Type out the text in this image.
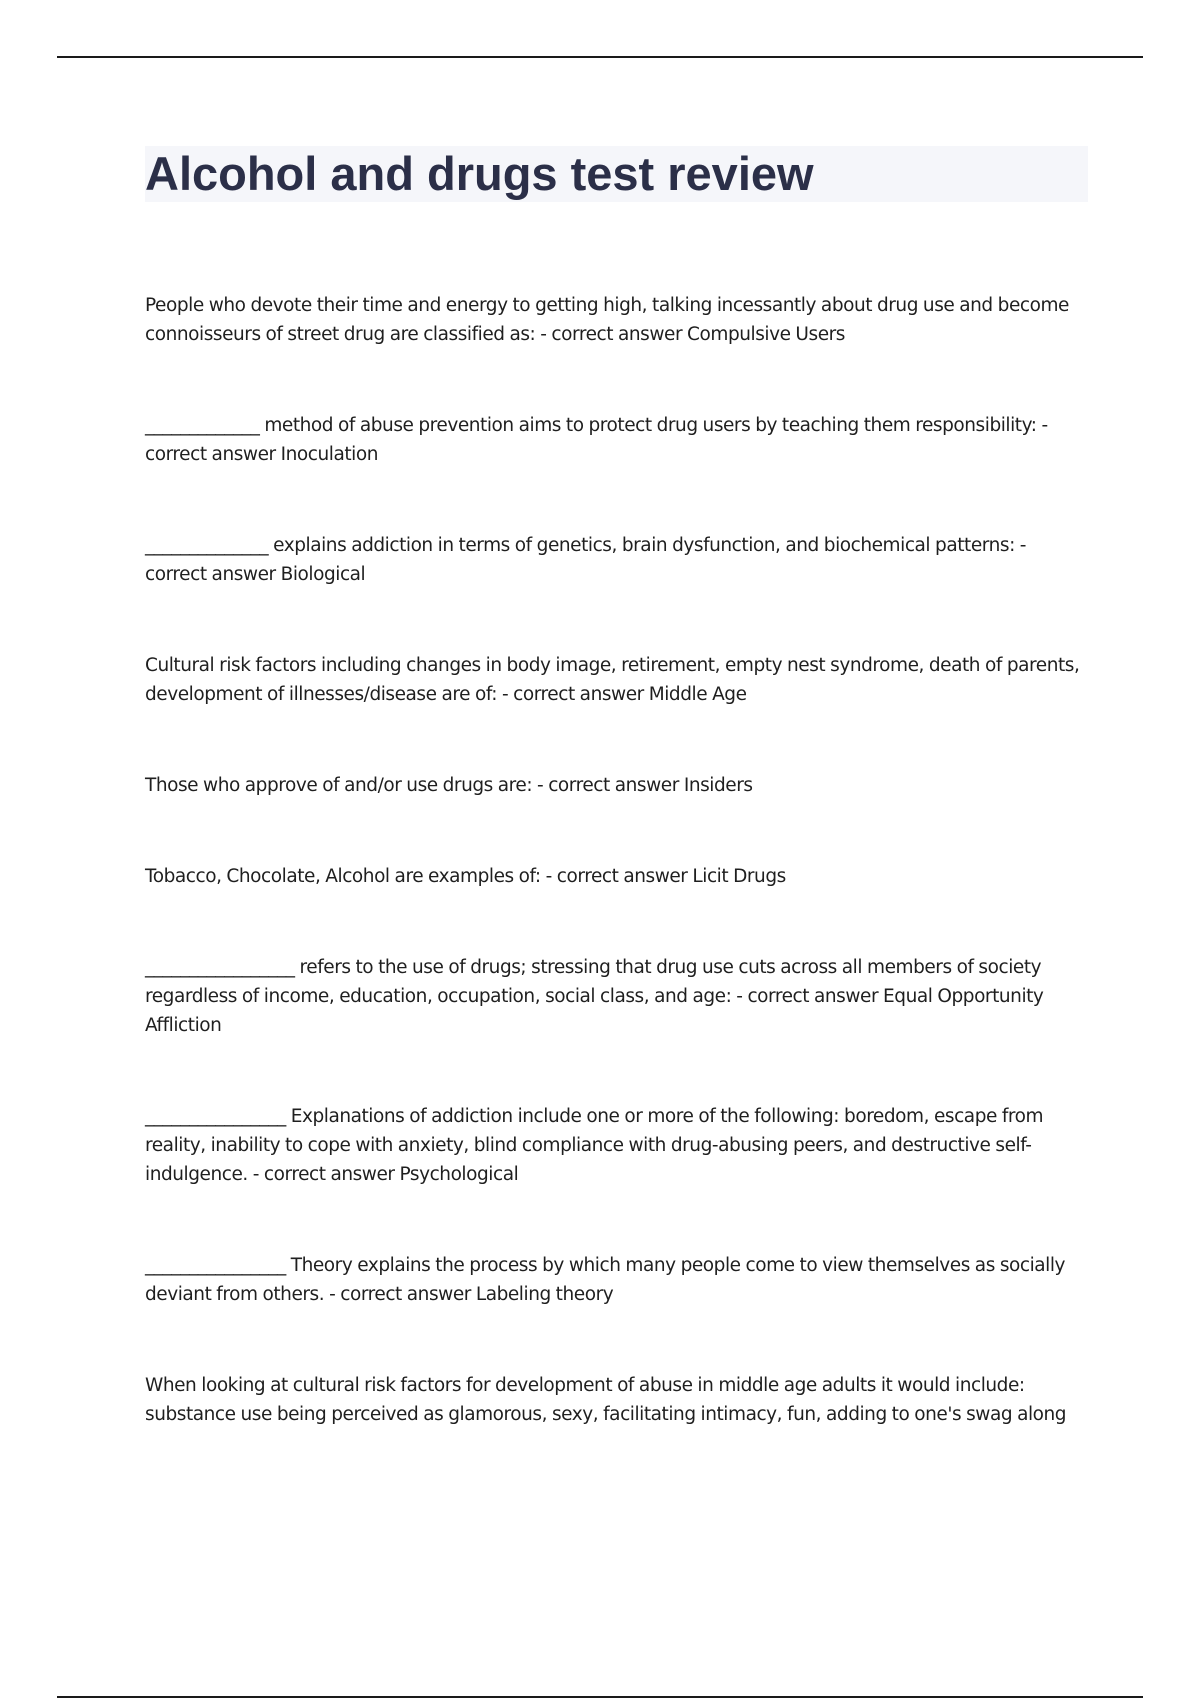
Alcohol and drugs test review

People who devote their time and energy to getting high, talking incessantly about drug use and become connoisseurs of street drug are classified as: - correct answer Compulsive Users

_____________ method of abuse prevention aims to protect drug users by teaching them responsibility: - correct answer Inoculation

______________ explains addiction in terms of genetics, brain dysfunction, and biochemical patterns: - correct answer Biological

Cultural risk factors including changes in body image, retirement, empty nest syndrome, death of parents, development of illnesses/disease are of: - correct answer Middle Age

Those who approve of and/or use drugs are: - correct answer Insiders

Tobacco, Chocolate, Alcohol are examples of: - correct answer Licit Drugs

_________________ refers to the use of drugs; stressing that drug use cuts across all members of society regardless of income, education, occupation, social class, and age: - correct answer Equal Opportunity Affliction

________________ Explanations of addiction include one or more of the following: boredom, escape from reality, inability to cope with anxiety, blind compliance with drug-abusing peers, and destructive self-indulgence. - correct answer Psychological

________________ Theory explains the process by which many people come to view themselves as socially deviant from others. - correct answer Labeling theory

When looking at cultural risk factors for development of abuse in middle age adults it would include: substance use being perceived as glamorous, sexy, facilitating intimacy, fun, adding to one's swag along
